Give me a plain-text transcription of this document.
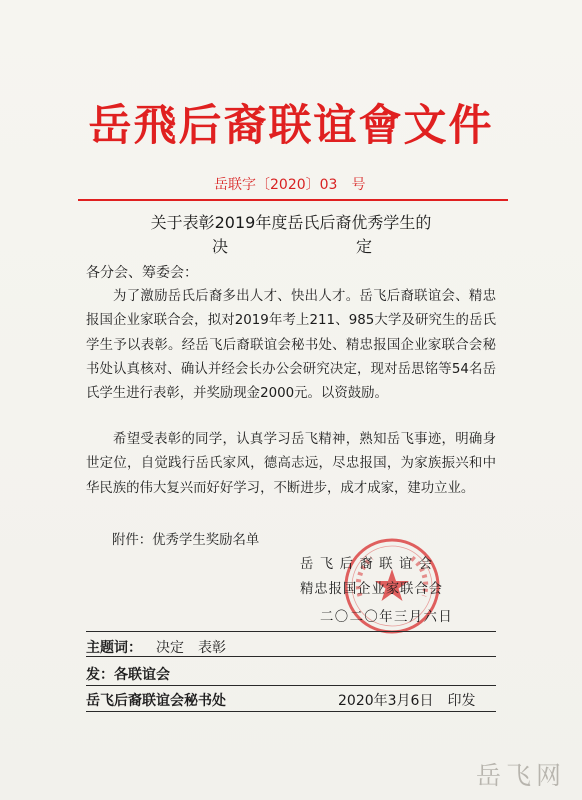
岳飛后裔联谊會文件
岳联字〔2020〕03　号
关于表彰2019年度岳氏后裔优秀学生的
决	定
各分会、筹委会：
为了激励岳氏后裔多出人才、快出人才。岳飞后裔联谊会、精忠报国企业家联合会，拟对2019年考上211、985大学及研究生的岳氏学生予以表彰。经岳飞后裔联谊会秘书处、精忠报国企业家联合会秘书处认真核对、确认并经会长办公会研究决定，现对岳思铭等54名岳氏学生进行表彰，并奖励现金2000元。以资鼓励。
希望受表彰的同学，认真学习岳飞精神，熟知岳飞事迹，明确身世定位，自觉践行岳氏家风，德高志远，尽忠报国，为家族振兴和中华民族的伟大复兴而好好学习，不断进步，成才成家，建功立业。
附件：优秀学生奖励名单
岳飞后裔联谊会
精忠报国企业家联合会
二〇二〇年三月六日
主题词： 决定　表彰
发：各联谊会
岳飞后裔联谊会秘书处	2020年3月6日　印发
岳飞网
